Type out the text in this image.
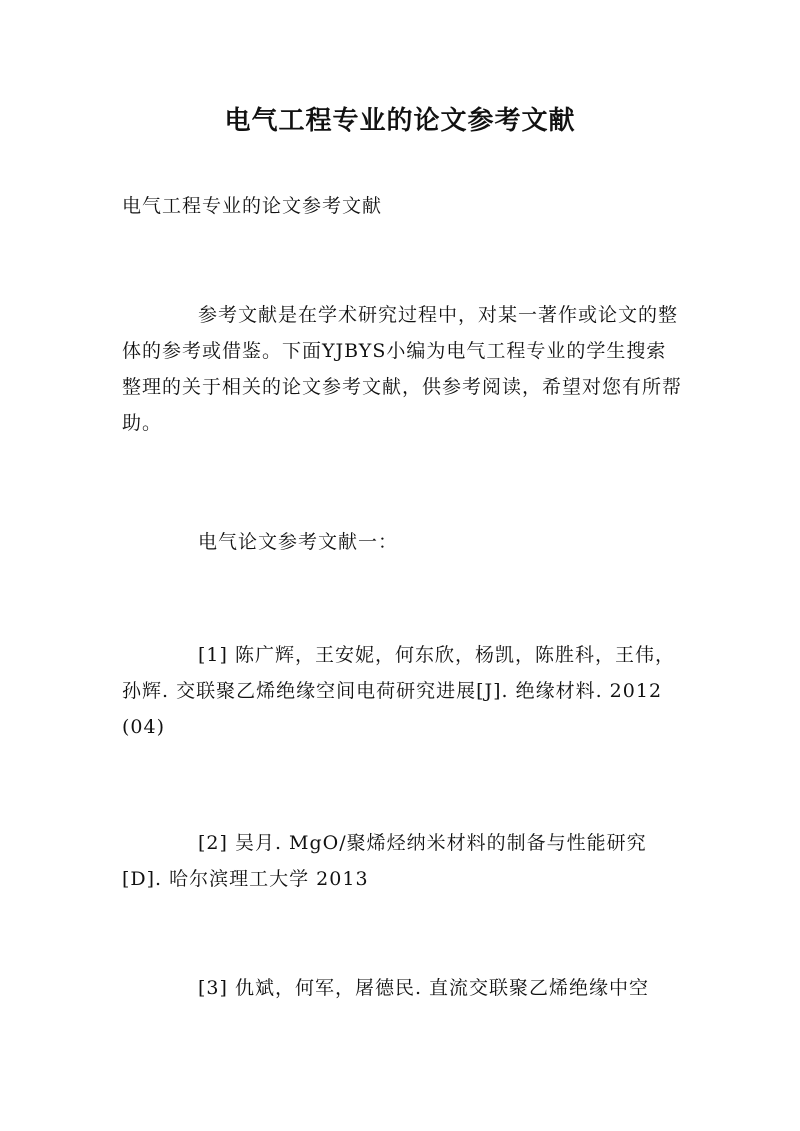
电气工程专业的论文参考文献
电气工程专业的论文参考文献
参考文献是在学术研究过程中，对某一著作或论文的整体的参考或借鉴。下面YJBYS小编为电气工程专业的学生搜索整理的关于相关的论文参考文献，供参考阅读，希望对您有所帮助。
电气论文参考文献一：
[1] 陈广辉，王安妮，何东欣，杨凯，陈胜科，王伟，孙辉. 交联聚乙烯绝缘空间电荷研究进展[J]. 绝缘材料. 2012(04)
[2] 吴月. MgO/聚烯烃纳米材料的制备与性能研究[D]. 哈尔滨理工大学 2013
[3] 仇斌，何军，屠德民. 直流交联聚乙烯绝缘中空
